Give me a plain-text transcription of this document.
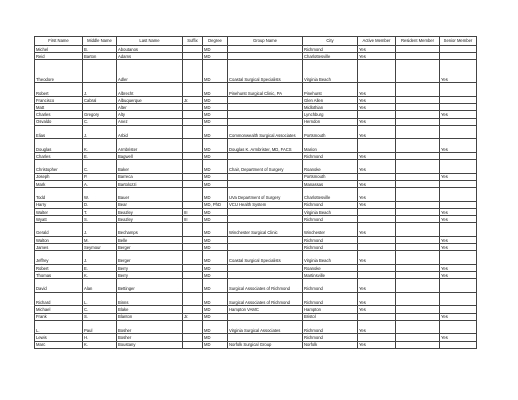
First Name	Middle Name	Last Name	Suffix	Degree	Group Name	City	Active Member	Resident Member	Senior Member
Michel	B.	Aboutanos		MD		Richmond	Yes		
Reid	Barton	Adams		MD		Charlottesville	Yes		
Theodore		Adler		MD	Coastal Surgical Specialists	Virginia Beach			Yes
Robert	J.	Albrecht		MD	Pinehurst Surgical Clinic, PA	Pinehurst	Yes		
Francisco	Cabral	Albuquerque	Jr.	MD		Glen Allen	Yes		
Matt		Alter		MD		Midlothian	Yes		
Charles	Gregory	Alty		MD		Lynchburg			Yes
Osvaldo	C.	Anez		MD		Herndon	Yes		
Elias	J.	Arbid		MD	Commonwealth Surgical Associates	Portsmouth	Yes		
Douglas	K.	Armbrister		MD	Douglas K. Armbrister, MD, FACS	Marion			Yes
Charles	E.	Bagwell		MD		Richmond	Yes		
Christopher	C.	Baker		MD	Chair, Department of Surgery	Roanoke	Yes		
Joseph	P.	Barreca		MD		Portsmouth			Yes
Mark	A.	Bartolozzi		MD		Manassas	Yes		
Todd	W.	Bauer		MD	UVa Department of Surgery	Charlottesville	Yes		
Harry	D.	Bear		MD, PhD	VCU Health System	Richmond	Yes		
Walter	T.	Beazley	III	MD		Virginia Beach			Yes
Wyatt	S.	Beazley	III	MD		Richmond			Yes
Gerald	J.	Bechamps		MD	Winchester Surgical Clinic	Winchester	Yes		
Walton	M.	Belle		MD		Richmond			Yes
James	Seymour	Berger		MD		Richmond			Yes
Jeffrey	J.	Berger		MD	Coastal Surgical Specialists	Virginia Beach	Yes		
Robert	E.	Berry		MD		Roanoke			Yes
Thomas	K.	Berry		MD		Martinsville			Yes
David	Alan	Bettinger		MD	Surgical Associates of Richmond	Richmond	Yes		
Richard	L.	Binns		MD	Surgical Associates of Richmond	Richmond	Yes		
Michael	C.	Blake		MD	Hampton VAMC	Hampton	Yes		
Frank	S.	Blanton	Jr.	MD		Bristol			Yes
L.	Paul	Bosher		MD	Virginia Surgical Associates	Richmond	Yes		
Lewis	H.	Bosher		MD		Richmond			Yes
Marc	K.	Boustany		MD	Norfolk Surgical Group	Norfolk	Yes		
